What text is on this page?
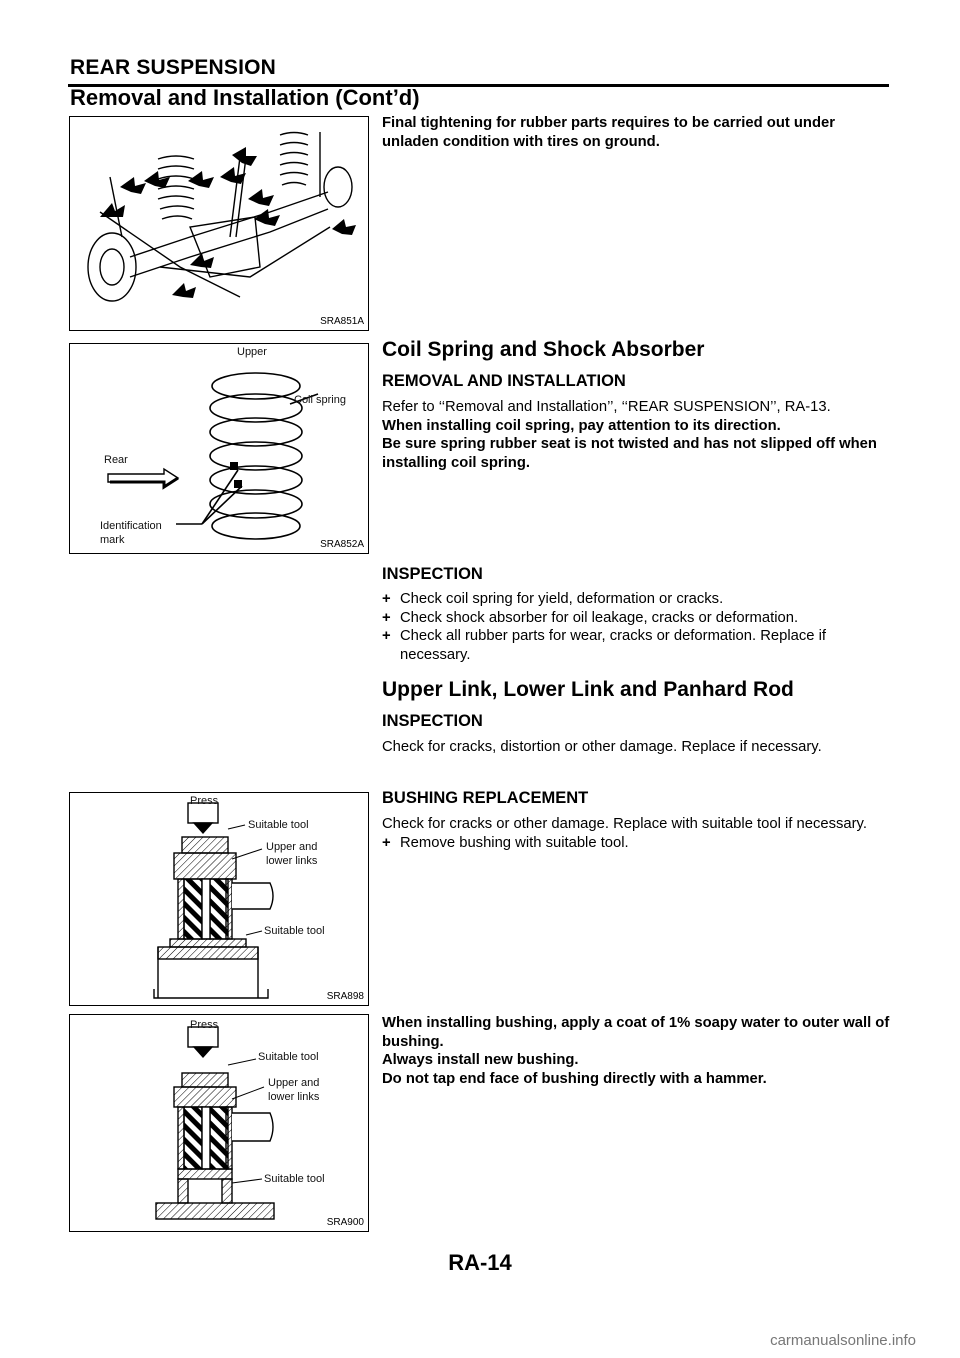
REAR SUSPENSION
Removal and Installation (Cont’d)
SRA851A
Upper
Coil spring
Rear
Identification
mark	SRA852A
Press
Suitable tool
Upper and
lower links
Suitable tool
SRA898
Press
Suitable tool
Upper and
lower links
Suitable tool
SRA900

Final tightening for rubber parts requires to be carried out under unladen condition with tires on ground.

Coil Spring and Shock Absorber
REMOVAL AND INSTALLATION

Refer to ‘‘Removal and Installation’’, ‘‘REAR SUSPENSION’’, RA-13.

When installing coil spring, pay attention to its direction.

Be sure spring rubber seat is not twisted and has not slipped off when installing coil spring.

INSPECTION
+ Check coil spring for yield, deformation or cracks.
+ Check shock absorber for oil leakage, cracks or deformation.
+ Check all rubber parts for wear, cracks or deformation. Replace if necessary.
Upper Link, Lower Link and Panhard Rod
INSPECTION

Check for cracks, distortion or other damage. Replace if necessary.

BUSHING REPLACEMENT

Check for cracks or other damage. Replace with suitable tool if necessary.

+ Remove bushing with suitable tool.

When installing bushing, apply a coat of 1% soapy water to outer wall of bushing.

Always install new bushing.

Do not tap end face of bushing directly with a hammer.

RA-14
carmanualsonline.info
